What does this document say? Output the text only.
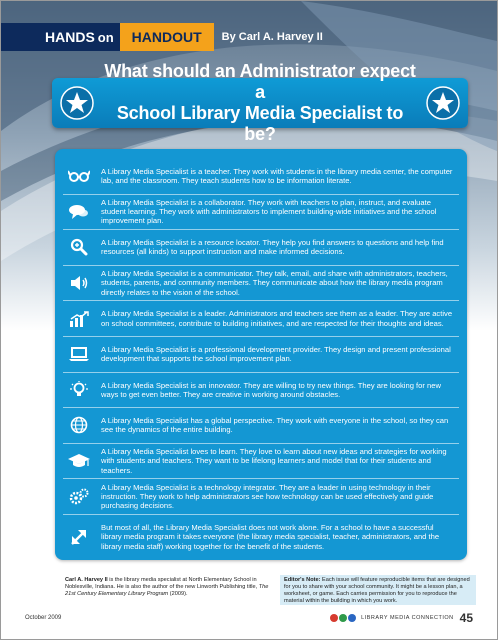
HANDS on HANDOUT By Carl A. Harvey II
What should an Administrator expect a
School Library Media Specialist to be?
A Library Media Specialist is a teacher. They work with students in the library media center, the computer lab, and the classroom. They teach students how to be information literate.
A Library Media Specialist is a collaborator. They work with teachers to plan, instruct, and evaluate student learning. They work with administrators to implement building-wide initiatives and the school improvement plan.
A Library Media Specialist is a resource locator. They help you find answers to questions and help find resources (all kinds) to support instruction and make informed decisions.
A Library Media Specialist is a communicator. They talk, email, and share with administrators, teachers, students, parents, and community members. They communicate about how the library media program directly relates to the vision of the school.
A Library Media Specialist is a leader. Administrators and teachers see them as a leader. They are active on school committees, contribute to building initiatives, and are respected for their thoughts and ideas.
A Library Media Specialist is a professional development provider. They design and present professional development that supports the school improvement plan.
A Library Media Specialist is an innovator. They are willing to try new things. They are looking for new ways to get even better. They are creative in working around obstacles.
A Library Media Specialist has a global perspective. They work with everyone in the school, so they can see the dynamics of the entire building.
A Library Media Specialist loves to learn. They love to learn about new ideas and strategies for working with students and teachers. They want to be lifelong learners and model that for their students and teachers.
A Library Media Specialist is a technology integrator. They are a leader in using technology in their instruction. They work to help administrators see how technology can be used effectively and guide purchasing decisions.
But most of all, the Library Media Specialist does not work alone. For a school to have a successful library media program it takes everyone (the library media specialist, teacher, administrators, and the library media staff) working together for the benefit of the students.
Carl A. Harvey II is the library media specialist at North Elementary School in Noblesville, Indiana. He is also the author of the new Linworth Publishing title, The 21st Century Elementary Library Program (2009).
Editor's Note: Each issue will feature reproducible items that are designed for you to share with your school community. It might be a lesson plan, a worksheet, or game. Each carries permission for you to reproduce the material within the building in which you work.
October 2009	LIBRARY MEDIA CONNECTION 45
